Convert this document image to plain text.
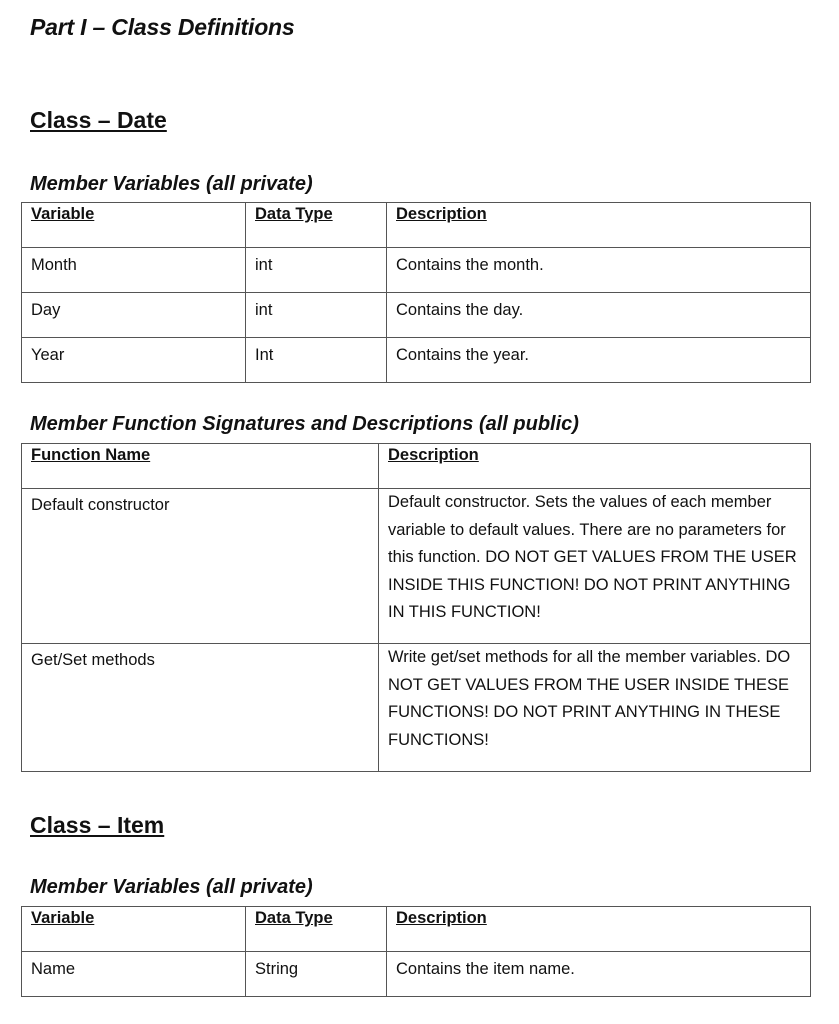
Part I – Class Definitions
Class – Date
Member Variables (all private)
Variable	Data Type	Description
Month	int	Contains the month.
Day	int	Contains the day.
Year	Int	Contains the year.
Member Function Signatures and Descriptions (all public)
Function Name	Description
Default constructor	Default constructor. Sets the values of each member variable to default values. There are no parameters for this function. DO NOT GET VALUES FROM THE USER INSIDE THIS FUNCTION! DO NOT PRINT ANYTHING IN THIS FUNCTION!
Get/Set methods	Write get/set methods for all the member variables. DO NOT GET VALUES FROM THE USER INSIDE THESE FUNCTIONS! DO NOT PRINT ANYTHING IN THESE FUNCTIONS!
Class – Item
Member Variables (all private)
Variable	Data Type	Description
Name	String	Contains the item name.
